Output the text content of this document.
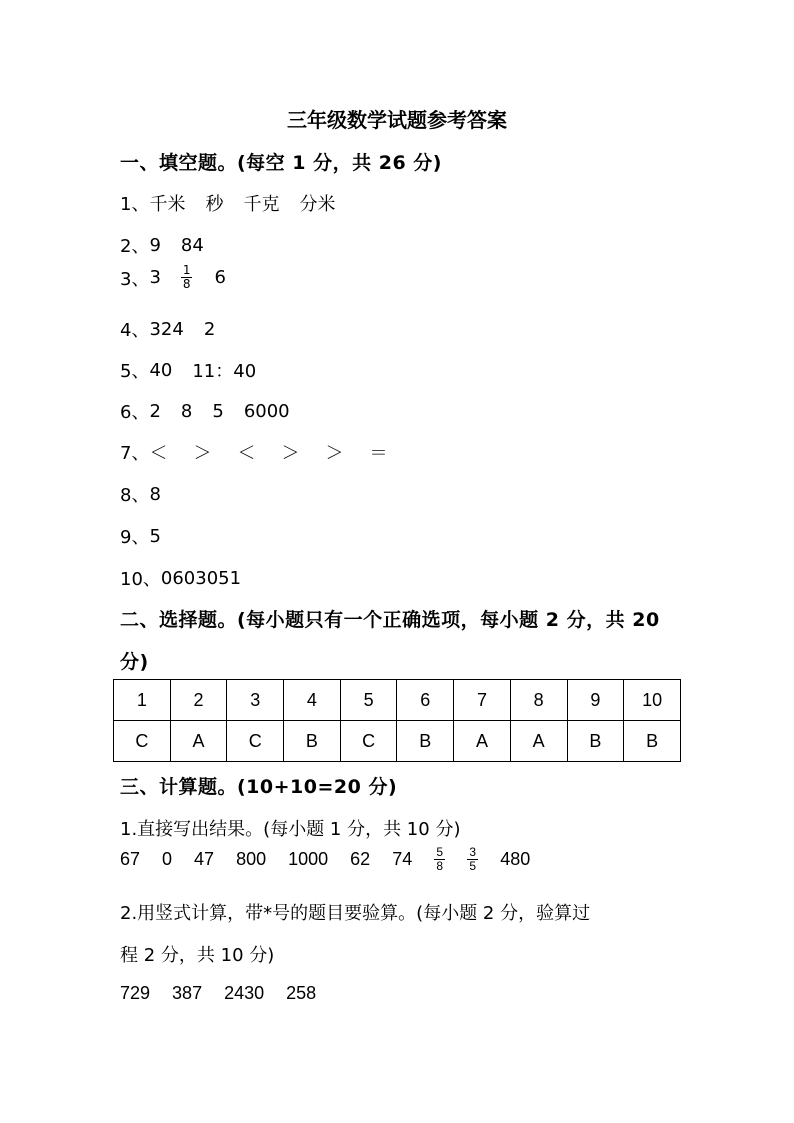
三年级数学试题参考答案
一、填空题。(每空 1 分，共 26 分)
1、 千米 秒 千克 分米
2、 9 84
3、 $3 \frac{1}{8} 6$
4、 324 2
5、 40 11：40
6、 2 8 5 6000
7、 ＜ ＞ ＜ ＞ ＞ ＝
8、 8
9、 5
10、 0603051
二、选择题。(每小题只有一个正确选项，每小题 2 分，共 20
分)
1	2	3	4	5	6	7	8	9	10
C	A	C	B	C	B	A	A	B	B
三、计算题。(10+10=20 分)
1.直接写出结果。(每小题 1 分，共 10 分)
67 0 47 800 1000 62 $74 \frac{5}{8} \frac{3}{5} 480$
2.用竖式计算，带*号的题目要验算。(每小题 2 分，验算过
程 2 分，共 10 分)
729 387 2430 258
